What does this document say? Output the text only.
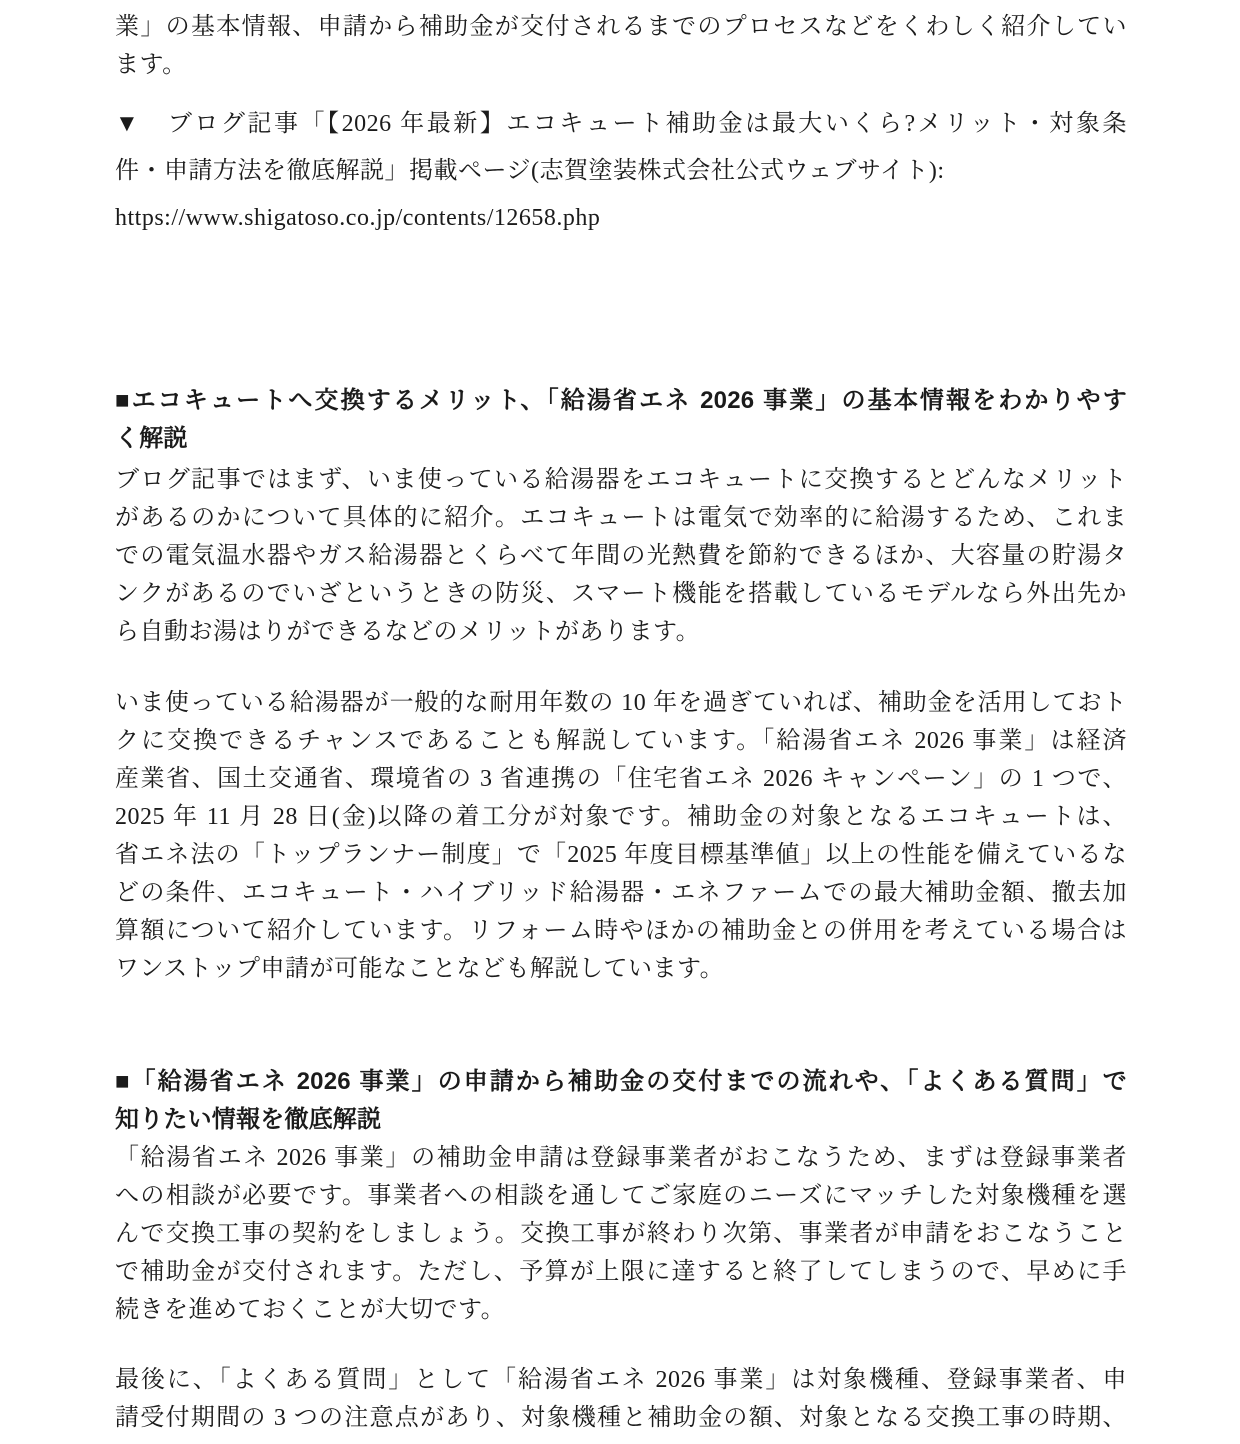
業」の基本情報、申請から補助金が交付されるまでのプロセスなどをくわしく紹介してい
ます。
▼　ブログ記事「【2026 年最新】エコキュート補助金は最大いくら?メリット・対象条
件・申請方法を徹底解説」掲載ページ(志賀塗装株式会社公式ウェブサイト):
https://www.shigatoso.co.jp/contents/12658.php
■エコキュートへ交換するメリット、「給湯省エネ 2026 事業」の基本情報をわかりやす
く解説
ブログ記事ではまず、いま使っている給湯器をエコキュートに交換するとどんなメリット
があるのかについて具体的に紹介。エコキュートは電気で効率的に給湯するため、これま
での電気温水器やガス給湯器とくらべて年間の光熱費を節約できるほか、大容量の貯湯タ
ンクがあるのでいざというときの防災、スマート機能を搭載しているモデルなら外出先か
ら自動お湯はりができるなどのメリットがあります。
いま使っている給湯器が一般的な耐用年数の 10 年を過ぎていれば、補助金を活用しておト
クに交換できるチャンスであることも解説しています。「給湯省エネ 2026 事業」は経済
産業省、国土交通省、環境省の 3 省連携の「住宅省エネ 2026 キャンペーン」の 1 つで、
2025 年 11 月 28 日(金)以降の着工分が対象です。補助金の対象となるエコキュートは、
省エネ法の「トップランナー制度」で「2025 年度目標基準値」以上の性能を備えているな
どの条件、エコキュート・ハイブリッド給湯器・エネファームでの最大補助金額、撤去加
算額について紹介しています。リフォーム時やほかの補助金との併用を考えている場合は
ワンストップ申請が可能なことなども解説しています。
■「給湯省エネ 2026 事業」の申請から補助金の交付までの流れや、「よくある質問」で
知りたい情報を徹底解説
「給湯省エネ 2026 事業」の補助金申請は登録事業者がおこなうため、まずは登録事業者
への相談が必要です。事業者への相談を通してご家庭のニーズにマッチした対象機種を選
んで交換工事の契約をしましょう。交換工事が終わり次第、事業者が申請をおこなうこと
で補助金が交付されます。ただし、予算が上限に達すると終了してしまうので、早めに手
続きを進めておくことが大切です。
最後に、「よくある質問」として「給湯省エネ 2026 事業」は対象機種、登録事業者、申
請受付期間の 3 つの注意点があり、対象機種と補助金の額、対象となる交換工事の時期、
